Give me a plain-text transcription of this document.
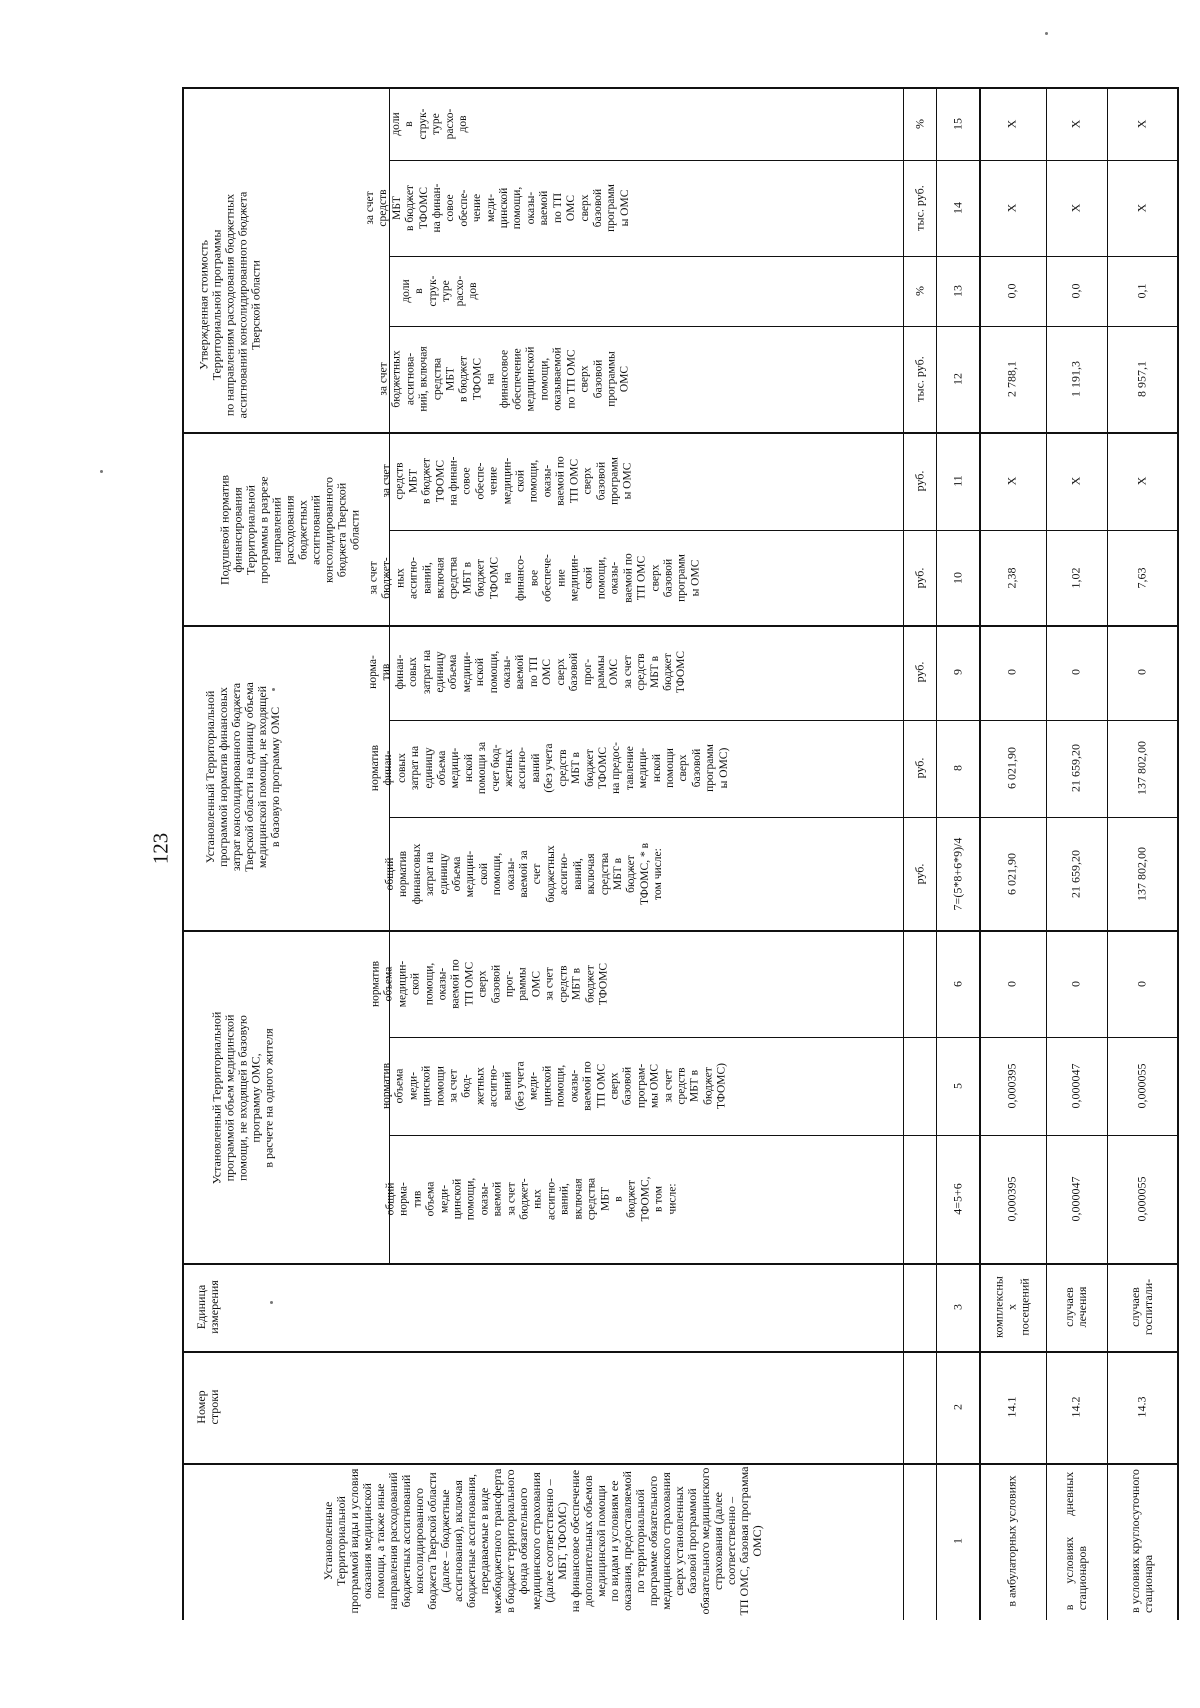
123
Установленные
Территориальной
программой виды и условия
оказания медицинской
помощи, а также иные
направления расходований
бюджетных ассигнований
консолидированного
бюджета Тверской области
(далее – бюджетные
ассигнования), включая
бюджетные ассигнования,
передаваемые в виде
межбюджетного трансферта
в бюджет территориального
фонда обязательного
медицинского страхования
(далее соответственно –
МБТ, ТФОМС)
на финансовое обеспечение
дополнительных объемов
медицинской помощи
по видам и условиям ее
оказания, предоставляемой
по территориальной
программе обязательного
медицинского страхования
сверх установленных
базовой программой
обязательного медицинского
страхования (далее
соответственно –
ТП ОМС, базовая программа
ОМС)
Номер
строки
Единица
измерения
Установленный Территориальной
программой объем медицинской
помощи, не входящей в базовую
программу ОМС,
в расчете на одного жителя
Установленный Территориальной
программой норматив финансовых
затрат консолидированного бюджета
Тверской области на единицу объема
медицинской помощи, не входящей
в базовую программу ОМС
Подушевой норматив
финансирования
Территориальной
программы в разрезе
направлений
расходования
бюджетных
ассигнований
консолидированного
бюджета Тверской
области
Утвержденная стоимость
Территориальной программы
по направлениям расходования бюджетных
ассигнований консолидированного бюджета
Тверской области
общий
норма-
тив
объема
меди-
цинской
помощи,
оказы-
ваемой
за счет
бюджет-
ных
ассигно-
ваний,
включая
средства
МБТ
в
бюджет
ТФОМС,
в том
числе:
норматив
объема
меди-
цинской
помощи
за счет
бюд-
жетных
ассигно-
ваний
(без учета
меди-
цинской
помощи,
оказы-
ваемой по
ТП ОМС
сверх
базовой
програм-
мы ОМС
за счет
средств
МБТ в
бюджет
ТФОМС)
норматив
объема
медицин-
ской
помощи,
оказы-
ваемой по
ТП ОМС
сверх
базовой
прог-
раммы
ОМС
за счет
средств
МБТ в
бюджет
ТФОМС
общий
норматив
финансовых
затрат на
единицу
объема
медицин-
ской
помощи,
оказы-
ваемой за
счет
бюджетных
ассигно-
ваний,
включая
средства
МБТ в
бюджет
ТФОМС, * в
том числе:
норматив
финан-
совых
затрат на
единицу
объема
медици-
нской
помощи за
счет бюд-
жетных
ассигно-
ваний
(без учета
средств
МБТ в
бюджет
ТФОМС
на предос-
тавление
медици-
нской
помощи
сверх
базовой
программ
ы ОМС)
норма-
тив
финан-
совых
затрат на
единицу
объема
медици-
нской
помощи,
оказы-
ваемой
по ТП
ОМС
сверх
базовой
прог-
раммы
ОМС
за счет
средств
МБТ в
бюджет
ТФОМС
за счет
бюджет-
ных
ассигно-
ваний,
включая
средства
МБТ в
бюджет
ТФОМС
на
финансо-
вое
обеспече-
ние
медицин-
ской
помощи,
оказы-
ваемой по
ТП ОМС
сверх
базовой
программ
ы ОМС
за счет
средств
МБТ
в бюджет
ТФОМС
на финан-
совое
обеспе-
чение
медицин-
ской
помощи,
оказы-
ваемой по
ТП ОМС
сверх
базовой
программ
ы ОМС
за счет
бюджетных
ассигнова-
ний, включая
средства
МБТ
в бюджет
ТФОМС
на
финансовое
обеспечение
медицинской
помощи,
оказываемой
по ТП ОМС
сверх
базовой
программы
ОМС
доли
в
струк-
туре
расхо-
дов
за счет
средств
МБТ
в бюджет
ТФОМС
на финан-
совое
обеспе-
чение
меди-
цинской
помощи,
оказы-
ваемой
по ТП
ОМС
сверх
базовой
программ
ы ОМС
доли
в
струк-
туре
расхо-
дов
руб.
руб.
руб.
руб.
руб.
тыс. руб.
%
тыс. руб.
%
1
2
3
4=5+6
5
6
7=(5*8+6*9)/4
8
9
10
11
12
13
14
15
в амбулаторных условиях
14.1
комплексны
х
посещений
0,000395
0,000395
0
6 021,90
6 021,90
0
2,38
Х
2 788,1
0,0
Х
Х
в       условиях       дневных
стационаров
14.2
случаев
лечения
0,000047
0,000047
0
21 659,20
21 659,20
0
1,02
Х
1 191,3
0,0
Х
Х
в условиях круглосуточного
стационара
14.3
случаев
госпитали-
0,000055
0,000055
0
137 802,00
137 802,00
0
7,63
Х
8 957,1
0,1
Х
Х
